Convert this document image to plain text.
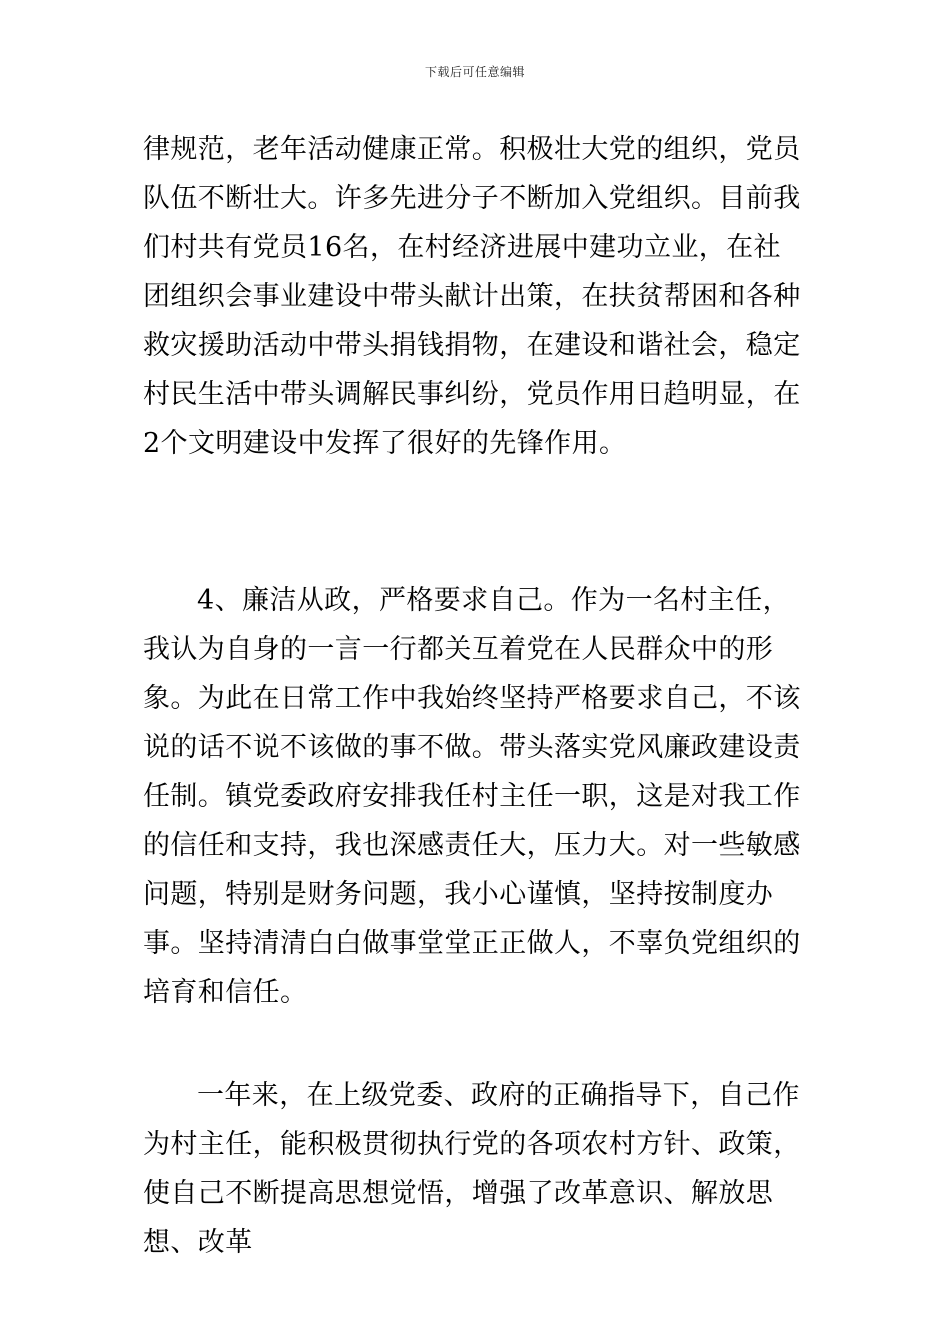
下载后可任意编辑

律规范，老年活动健康正常。积极壮大党的组织，党员队伍不断壮大。许多先进分子不断加入党组织。目前我们村共有党员16名，在村经济进展中建功立业，在社团组织会事业建设中带头献计出策，在扶贫帮困和各种救灾援助活动中带头捐钱捐物，在建设和谐社会，稳定村民生活中带头调解民事纠纷，党员作用日趋明显，在2个文明建设中发挥了很好的先锋作用。

4、廉洁从政，严格要求自己。作为一名村主任，我认为自身的一言一行都关互着党在人民群众中的形象。为此在日常工作中我始终坚持严格要求自己，不该说的话不说不该做的事不做。带头落实党风廉政建设责任制。镇党委政府安排我任村主任一职，这是对我工作的信任和支持，我也深感责任大，压力大。对一些敏感问题，特别是财务问题，我小心谨慎，坚持按制度办事。坚持清清白白做事堂堂正正做人，不辜负党组织的培育和信任。

一年来，在上级党委、政府的正确指导下，自己作为村主任，能积极贯彻执行党的各项农村方针、政策，使自己不断提高思想觉悟，增强了改革意识、解放思想、改革
